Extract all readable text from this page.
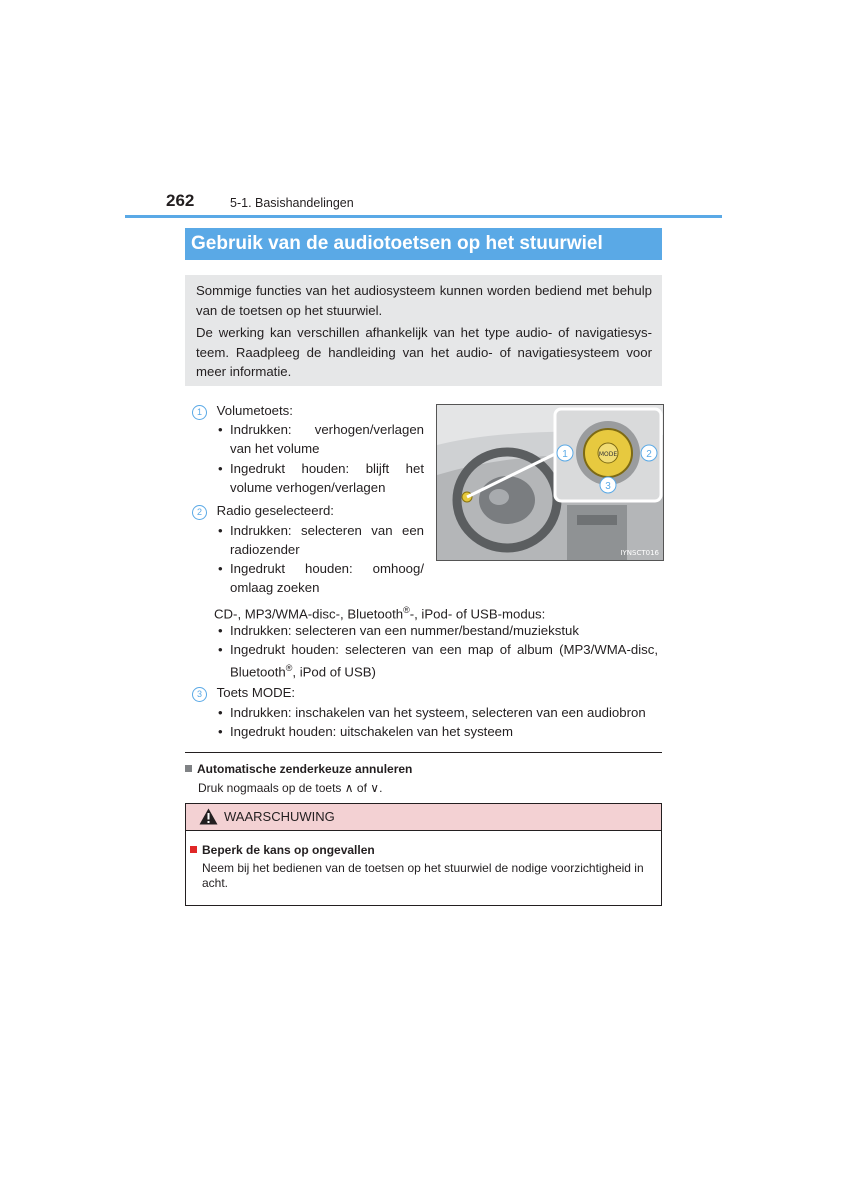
262	5-1. Basishandelingen
Gebruik van de audiotoetsen op het stuurwiel

Sommige functies van het audiosysteem kunnen worden bediend met behulp van de toetsen op het stuurwiel.

De werking kan verschillen afhankelijk van het type audio- of navigatiesys-teem. Raadpleeg de handleiding van het audio- of navigatiesysteem voor meer informatie.

1 Volumetoets:
• Indrukken: verhogen/verlagen
van het volume
• Ingedrukt houden: blijft het
volume verhogen/verlagen
2 Radio geselecteerd:
• Indrukken: selecteren van een
radiozender
• Ingedrukt houden: omhoog/
omlaag zoeken
CD-, MP3/WMA-disc-, Bluetooth®-, iPod- of USB-modus:
• Indrukken: selecteren van een nummer/bestand/muziekstuk
• Ingedrukt houden: selecteren van een map of album (MP3/WMA-disc,
Bluetooth®, iPod of USB)
3 Toets MODE:
• Indrukken: inschakelen van het systeem, selecteren van een audiobron
• Ingedrukt houden: uitschakelen van het systeem
MODE
1	2
3
IYNSCT016
Automatische zenderkeuze annuleren
Druk nogmaals op de toets ∧ of ∨.
WAARSCHUWING
Beperk de kans op ongevallen
Neem bij het bedienen van de toetsen op het stuurwiel de nodige voorzichtigheid in acht.
